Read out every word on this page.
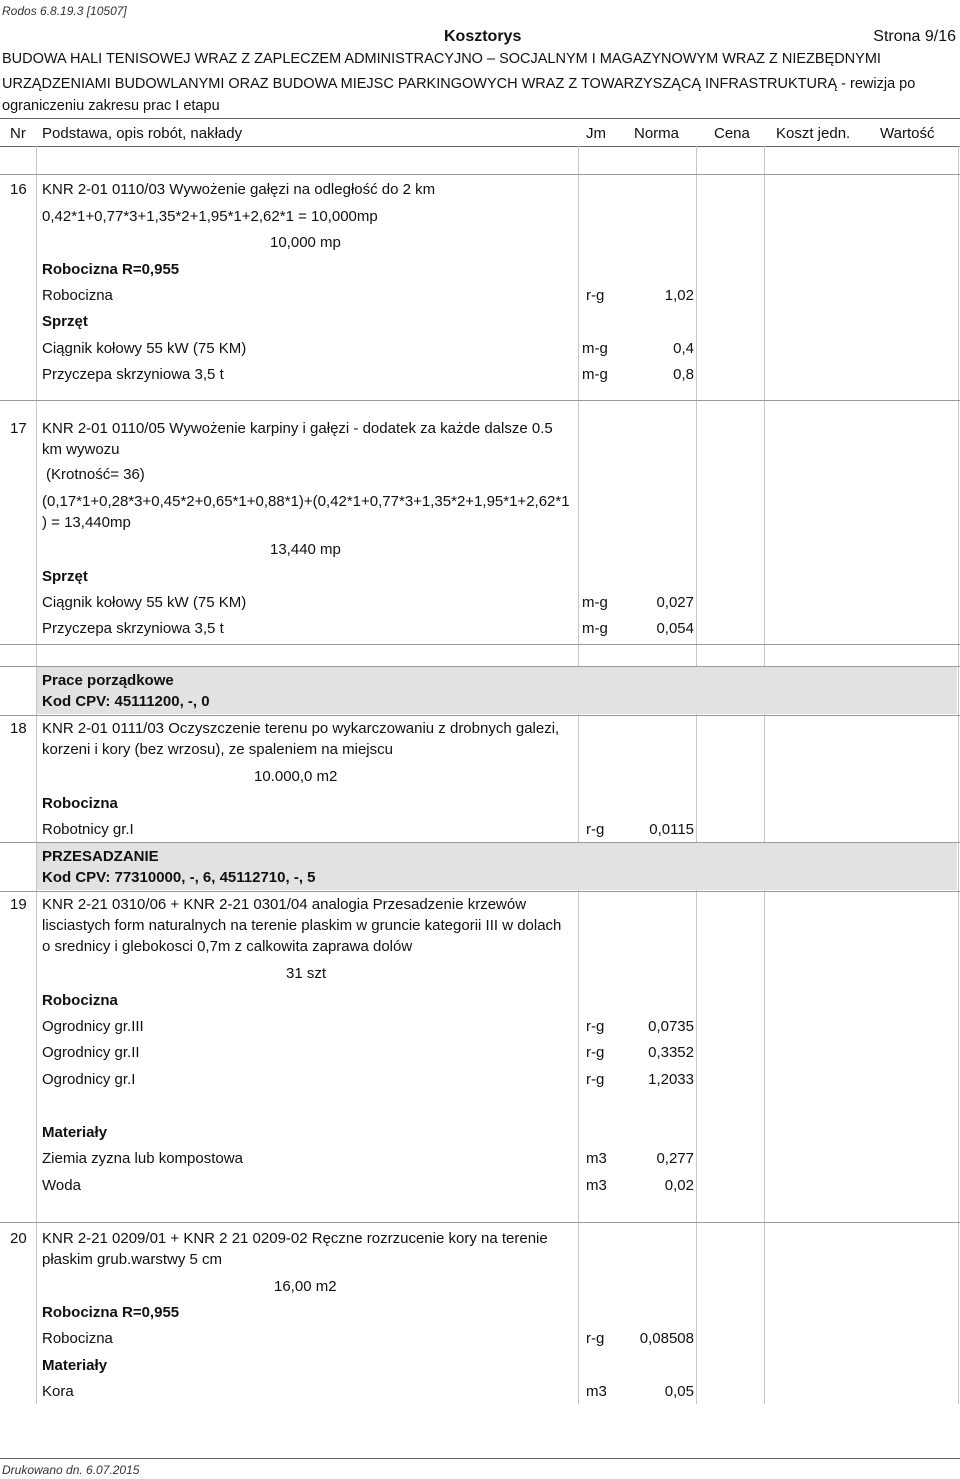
Rodos 6.8.19.3 [10507]
Kosztorys	Strona 9/16
BUDOWA HALI TENISOWEJ WRAZ Z ZAPLECZEM ADMINISTRACYJNO – SOCJALNYM I MAGAZYNOWYM WRAZ Z NIEZBĘDNYMI
URZĄDZENIAMI BUDOWLANYMI ORAZ BUDOWA MIEJSC PARKINGOWYCH WRAZ Z TOWARZYSZĄCĄ INFRASTRUKTURĄ - rewizja po
ograniczeniu zakresu prac I etapu
Nr Podstawa, opis robót, nakłady	Jm Norma Cena Koszt jedn. Wartość
16 KNR 2-01 0110/03 Wywożenie gałęzi na odległość do 2 km
0,42*1+0,77*3+1,35*2+1,95*1+2,62*1 = 10,000mp
10,000 mp
Robocizna R=0,955
Robocizna	r-g	1,02
Sprzęt
Ciągnik kołowy 55 kW (75 KM)	m-g	0,4
Przyczepa skrzyniowa 3,5 t	m-g	0,8
17 KNR 2-01 0110/05 Wywożenie karpiny i gałęzi - dodatek za każde dalsze 0.5
km wywozu
(Krotność= 36)
(0,17*1+0,28*3+0,45*2+0,65*1+0,88*1)+(0,42*1+0,77*3+1,35*2+1,95*1+2,62*1
) = 13,440mp
13,440 mp
Sprzęt
Ciągnik kołowy 55 kW (75 KM)	m-g	0,027
Przyczepa skrzyniowa 3,5 t	m-g	0,054
Prace porządkowe
Kod CPV: 45111200, -, 0
18 KNR 2-01 0111/03 Oczyszczenie terenu po wykarczowaniu z drobnych galezi,
korzeni i kory (bez wrzosu), ze spaleniem na miejscu
10.000,0 m2
Robocizna
Robotnicy gr.I	r-g	0,0115
PRZESADZANIE
Kod CPV: 77310000, -, 6, 45112710, -, 5
19 KNR 2-21 0310/06 + KNR 2-21 0301/04 analogia Przesadzenie krzewów
lisciastych form naturalnych na terenie plaskim w gruncie kategorii III w dolach
o srednicy i glebokosci 0,7m z calkowita zaprawa dolów
31 szt
Robocizna
Ogrodnicy gr.III	r-g	0,0735
Ogrodnicy gr.II	r-g	0,3352
Ogrodnicy gr.I	r-g	1,2033
Materiały
Ziemia zyzna lub kompostowa	m3	0,277
Woda	m3	0,02
20 KNR 2-21 0209/01 + KNR 2 21 0209-02 Ręczne rozrzucenie kory na terenie
płaskim grub.warstwy 5 cm
16,00 m2
Robocizna R=0,955
Robocizna	r-g	0,08508
Materiały
Kora	m3	0,05
Drukowano dn. 6.07.2015
